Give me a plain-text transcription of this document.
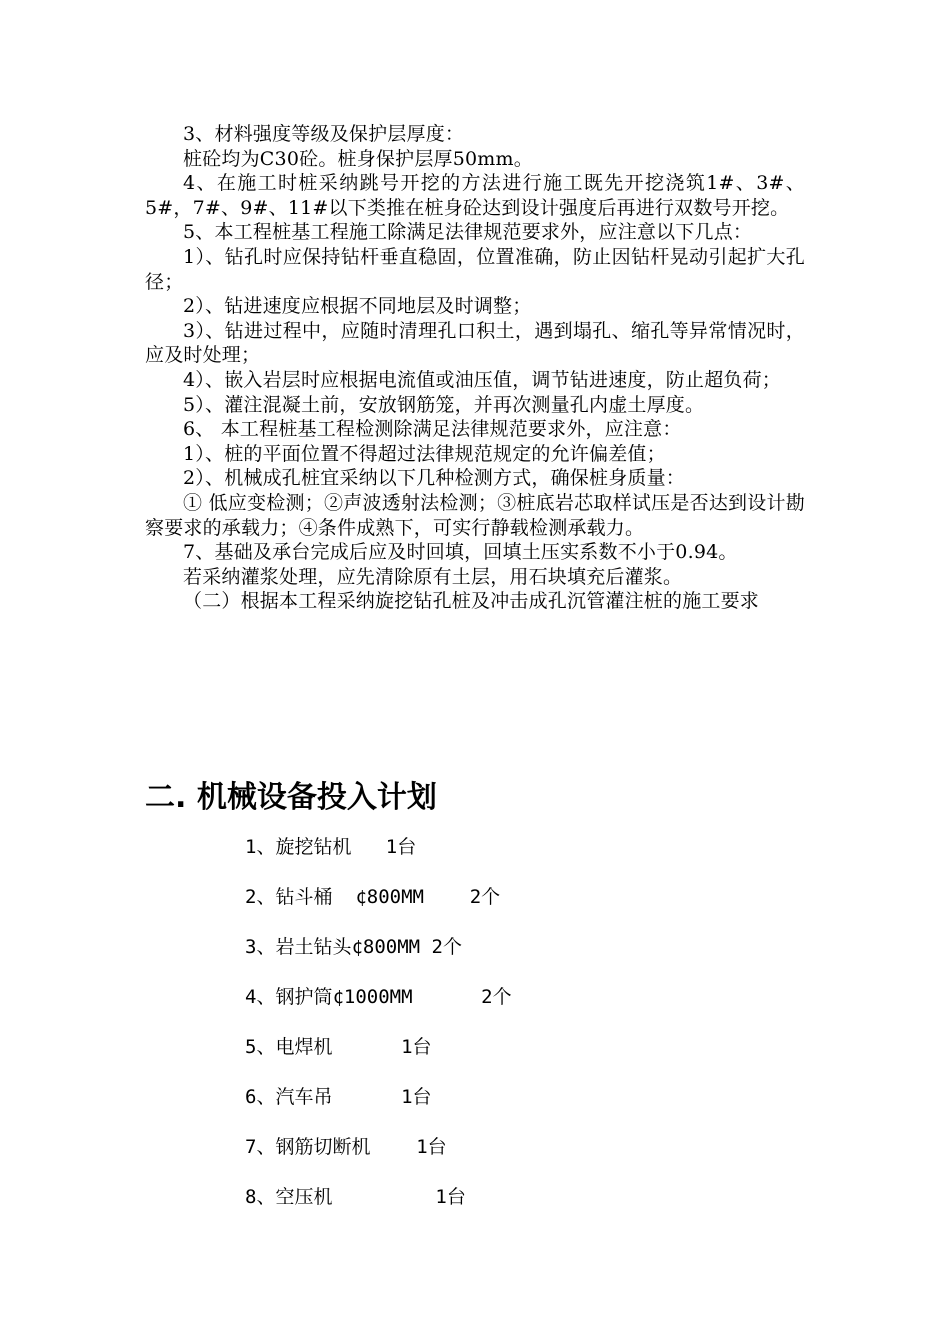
3、材料强度等级及保护层厚度：

桩砼均为C30砼。桩身保护层厚50mm。

4、在施工时桩采纳跳号开挖的方法进行施工既先开挖浇筑1#、3#、5#，7#、9#、11#以下类推在桩身砼达到设计强度后再进行双数号开挖。

5、本工程桩基工程施工除满足法律规范要求外，应注意以下几点：

1）、钻孔时应保持钻杆垂直稳固，位置准确，防止因钻杆晃动引起扩大孔径；

2）、钻进速度应根据不同地层及时调整；

3）、钻进过程中，应随时清理孔口积土，遇到塌孔、缩孔等异常情况时，应及时处理；

4）、嵌入岩层时应根据电流值或油压值，调节钻进速度，防止超负荷；

5）、灌注混凝土前，安放钢筋笼，并再次测量孔内虚土厚度。

6、 本工程桩基工程检测除满足法律规范要求外，应注意：

1）、桩的平面位置不得超过法律规范规定的允许偏差值；

2）、机械成孔桩宜采纳以下几种检测方式，确保桩身质量：

① 低应变检测；②声波透射法检测；③桩底岩芯取样试压是否达到设计勘察要求的承载力；④条件成熟下，可实行静载检测承载力。

7、基础及承台完成后应及时回填，回填土压实系数不小于0.94。

若采纳灌浆处理，应先清除原有土层，用石块填充后灌浆。

（二）根据本工程采纳旋挖钻孔桩及冲击成孔沉管灌注桩的施工要求

二. 机械设备投入计划
1、旋挖钻机   1台
2、钻斗桶  ¢800MM    2个
3、岩土钻头¢800MM 2个
4、钢护筒¢1000MM      2个
5、电焊机      1台
6、汽车吊      1台
7、钢筋切断机    1台
8、空压机         1台
